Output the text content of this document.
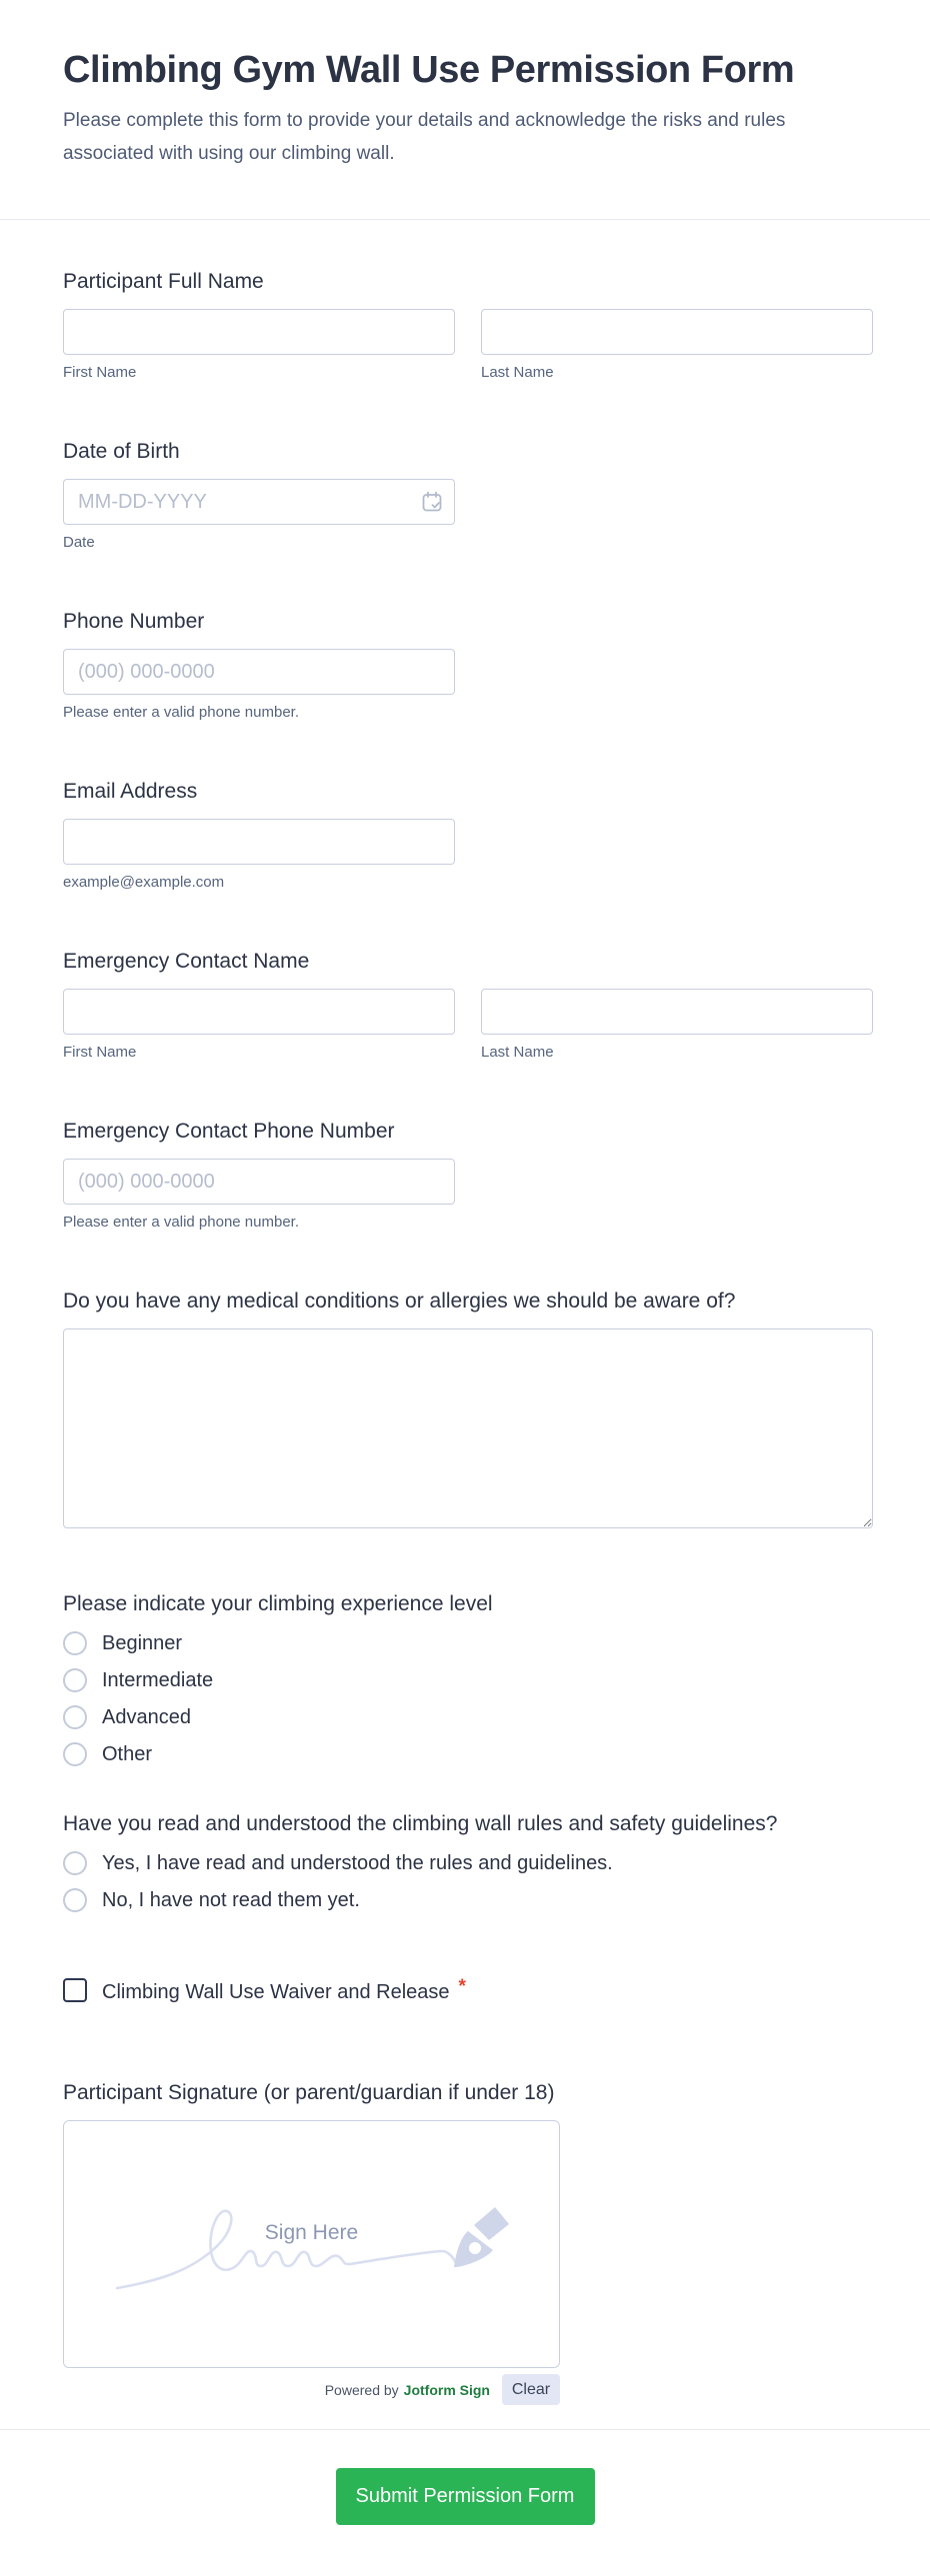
Climbing Gym Wall Use Permission Form

Please complete this form to provide your details and acknowledge the risks and rules associated with using our climbing wall.

Participant Full Name
First Name	Last Name
Date of Birth
MM-DD-YYYY
Date
Phone Number
(000) 000-0000
Please enter a valid phone number.
Email Address
example@example.com
Emergency Contact Name
First Name	Last Name
Emergency Contact Phone Number
(000) 000-0000
Please enter a valid phone number.
Do you have any medical conditions or allergies we should be aware of?
Please indicate your climbing experience level
Beginner
Intermediate
Advanced
Other
Have you read and understood the climbing wall rules and safety guidelines?
Yes, I have read and understood the rules and guidelines.
No, I have not read them yet.
Climbing Wall Use Waiver and Release *
Participant Signature (or parent/guardian if under 18)
Sign Here
Powered by Jotform Sign	Clear
Submit Permission Form
